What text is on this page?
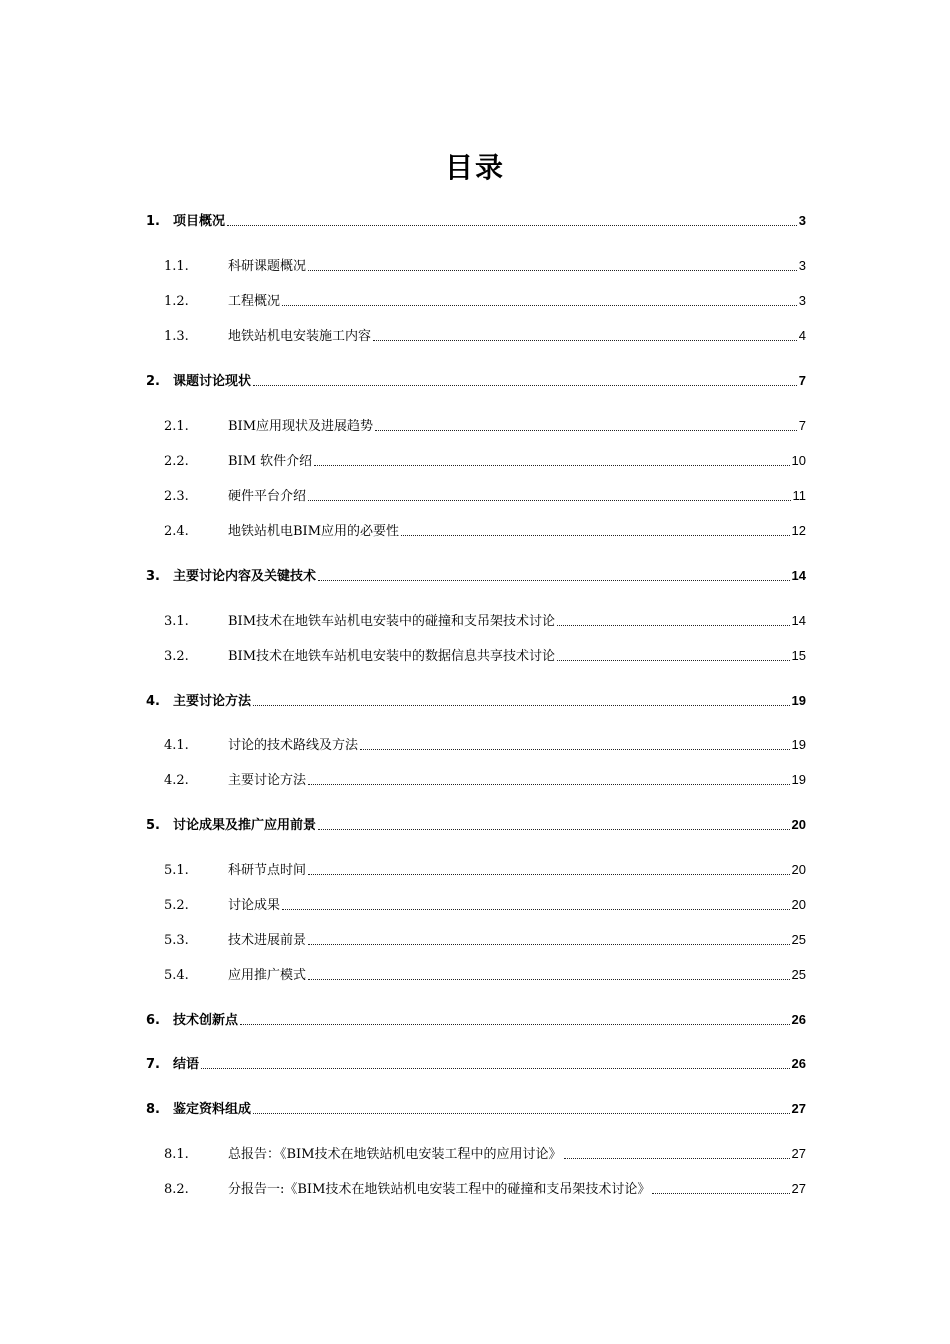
目录
1.	项目概况	3
1.1.	科研课题概况	3
1.2.	工程概况	3
1.3.	地铁站机电安装施工内容	4
2.	课题讨论现状	7
2.1.	BIM应用现状及进展趋势	7
2.2.	BIM 软件介绍	10
2.3.	硬件平台介绍	11
2.4.	地铁站机电BIM应用的必要性	12
3.	主要讨论内容及关键技术	14
3.1.	BIM技术在地铁车站机电安装中的碰撞和支吊架技术讨论	14
3.2.	BIM技术在地铁车站机电安装中的数据信息共享技术讨论	15
4.	主要讨论方法	19
4.1.	讨论的技术路线及方法	19
4.2.	主要讨论方法	19
5.	讨论成果及推广应用前景	20
5.1.	科研节点时间	20
5.2.	讨论成果	20
5.3.	技术进展前景	25
5.4.	应用推广模式	25
6.	技术创新点	26
7.	结语	26
8.	鉴定资料组成	27
8.1.	总报告：《BIM技术在地铁站机电安装工程中的应用讨论》	27
8.2.	分报告一:《BIM技术在地铁站机电安装工程中的碰撞和支吊架技术讨论》	27
